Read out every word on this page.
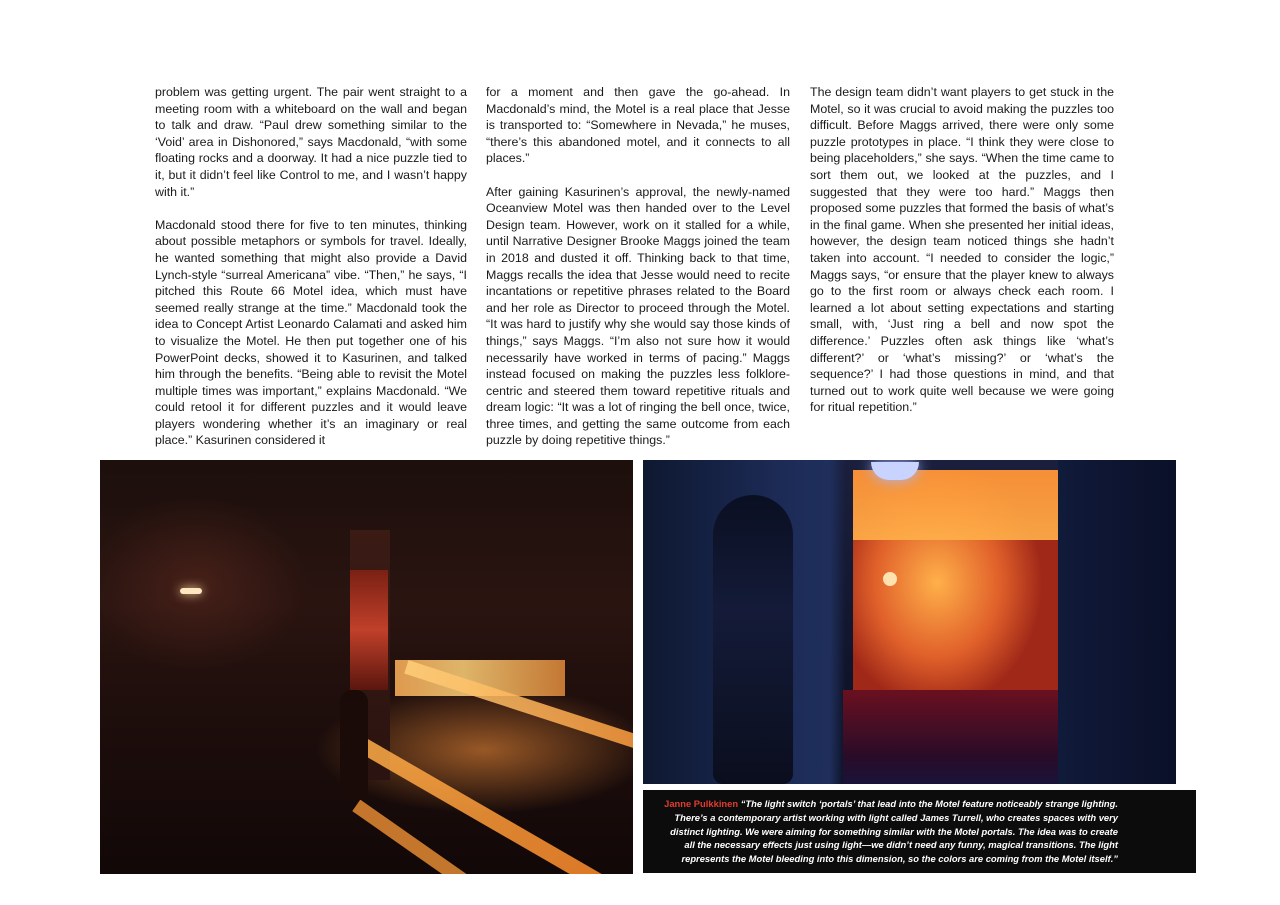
problem was getting urgent. The pair went straight to a meeting room with a whiteboard on the wall and began to talk and draw. “Paul drew something similar to the ‘Void’ area in Dishonored,” says Macdonald, “with some floating rocks and a doorway. It had a nice puzzle tied to it, but it didn’t feel like Control to me, and I wasn’t happy with it.”

Macdonald stood there for five to ten minutes, thinking about possible metaphors or symbols for travel. Ideally, he wanted something that might also provide a David Lynch-style “surreal Americana” vibe. “Then,” he says, “I pitched this Route 66 Motel idea, which must have seemed really strange at the time.” Macdonald took the idea to Concept Artist Leonardo Calamati and asked him to visualize the Motel. He then put together one of his PowerPoint decks, showed it to Kasurinen, and talked him through the benefits. “Being able to revisit the Motel multiple times was important,” explains Macdonald. “We could retool it for different puzzles and it would leave players wondering whether it’s an imaginary or real place.” Kasurinen considered it

for a moment and then gave the go-ahead. In Macdonald’s mind, the Motel is a real place that Jesse is transported to: “Somewhere in Nevada,” he muses, “there’s this abandoned motel, and it connects to all places.”

After gaining Kasurinen’s approval, the newly-named Oceanview Motel was then handed over to the Level Design team. However, work on it stalled for a while, until Narrative Designer Brooke Maggs joined the team in 2018 and dusted it off. Thinking back to that time, Maggs recalls the idea that Jesse would need to recite incantations or repetitive phrases related to the Board and her role as Director to proceed through the Motel. “It was hard to justify why she would say those kinds of things,” says Maggs. “I’m also not sure how it would necessarily have worked in terms of pacing.” Maggs instead focused on making the puzzles less folklore-centric and steered them toward repetitive rituals and dream logic: “It was a lot of ringing the bell once, twice, three times, and getting the same outcome from each puzzle by doing repetitive things.”

The design team didn’t want players to get stuck in the Motel, so it was crucial to avoid making the puzzles too difficult. Before Maggs arrived, there were only some puzzle prototypes in place. “I think they were close to being placeholders,” she says. “When the time came to sort them out, we looked at the puzzles, and I suggested that they were too hard.” Maggs then proposed some puzzles that formed the basis of what’s in the final game. When she presented her initial ideas, however, the design team noticed things she hadn’t taken into account. “I needed to consider the logic,” Maggs says, “or ensure that the player knew to always go to the first room or always check each room. I learned a lot about setting expectations and starting small, with, ‘Just ring a bell and now spot the difference.’ Puzzles often ask things like ‘what’s different?’ or ‘what’s missing?’ or ‘what’s the sequence?’ I had those questions in mind, and that turned out to work quite well because we were going for ritual repetition.”

Janne Pulkkinen “The light switch ‘portals’ that lead into the Motel feature noticeably strange lighting. There’s a contemporary artist working with light called James Turrell, who creates spaces with very distinct lighting. We were aiming for something similar with the Motel portals. The idea was to create all the necessary effects just using light—we didn’t need any funny, magical transitions. The light represents the Motel bleeding into this dimension, so the colors are coming from the Motel itself.”
